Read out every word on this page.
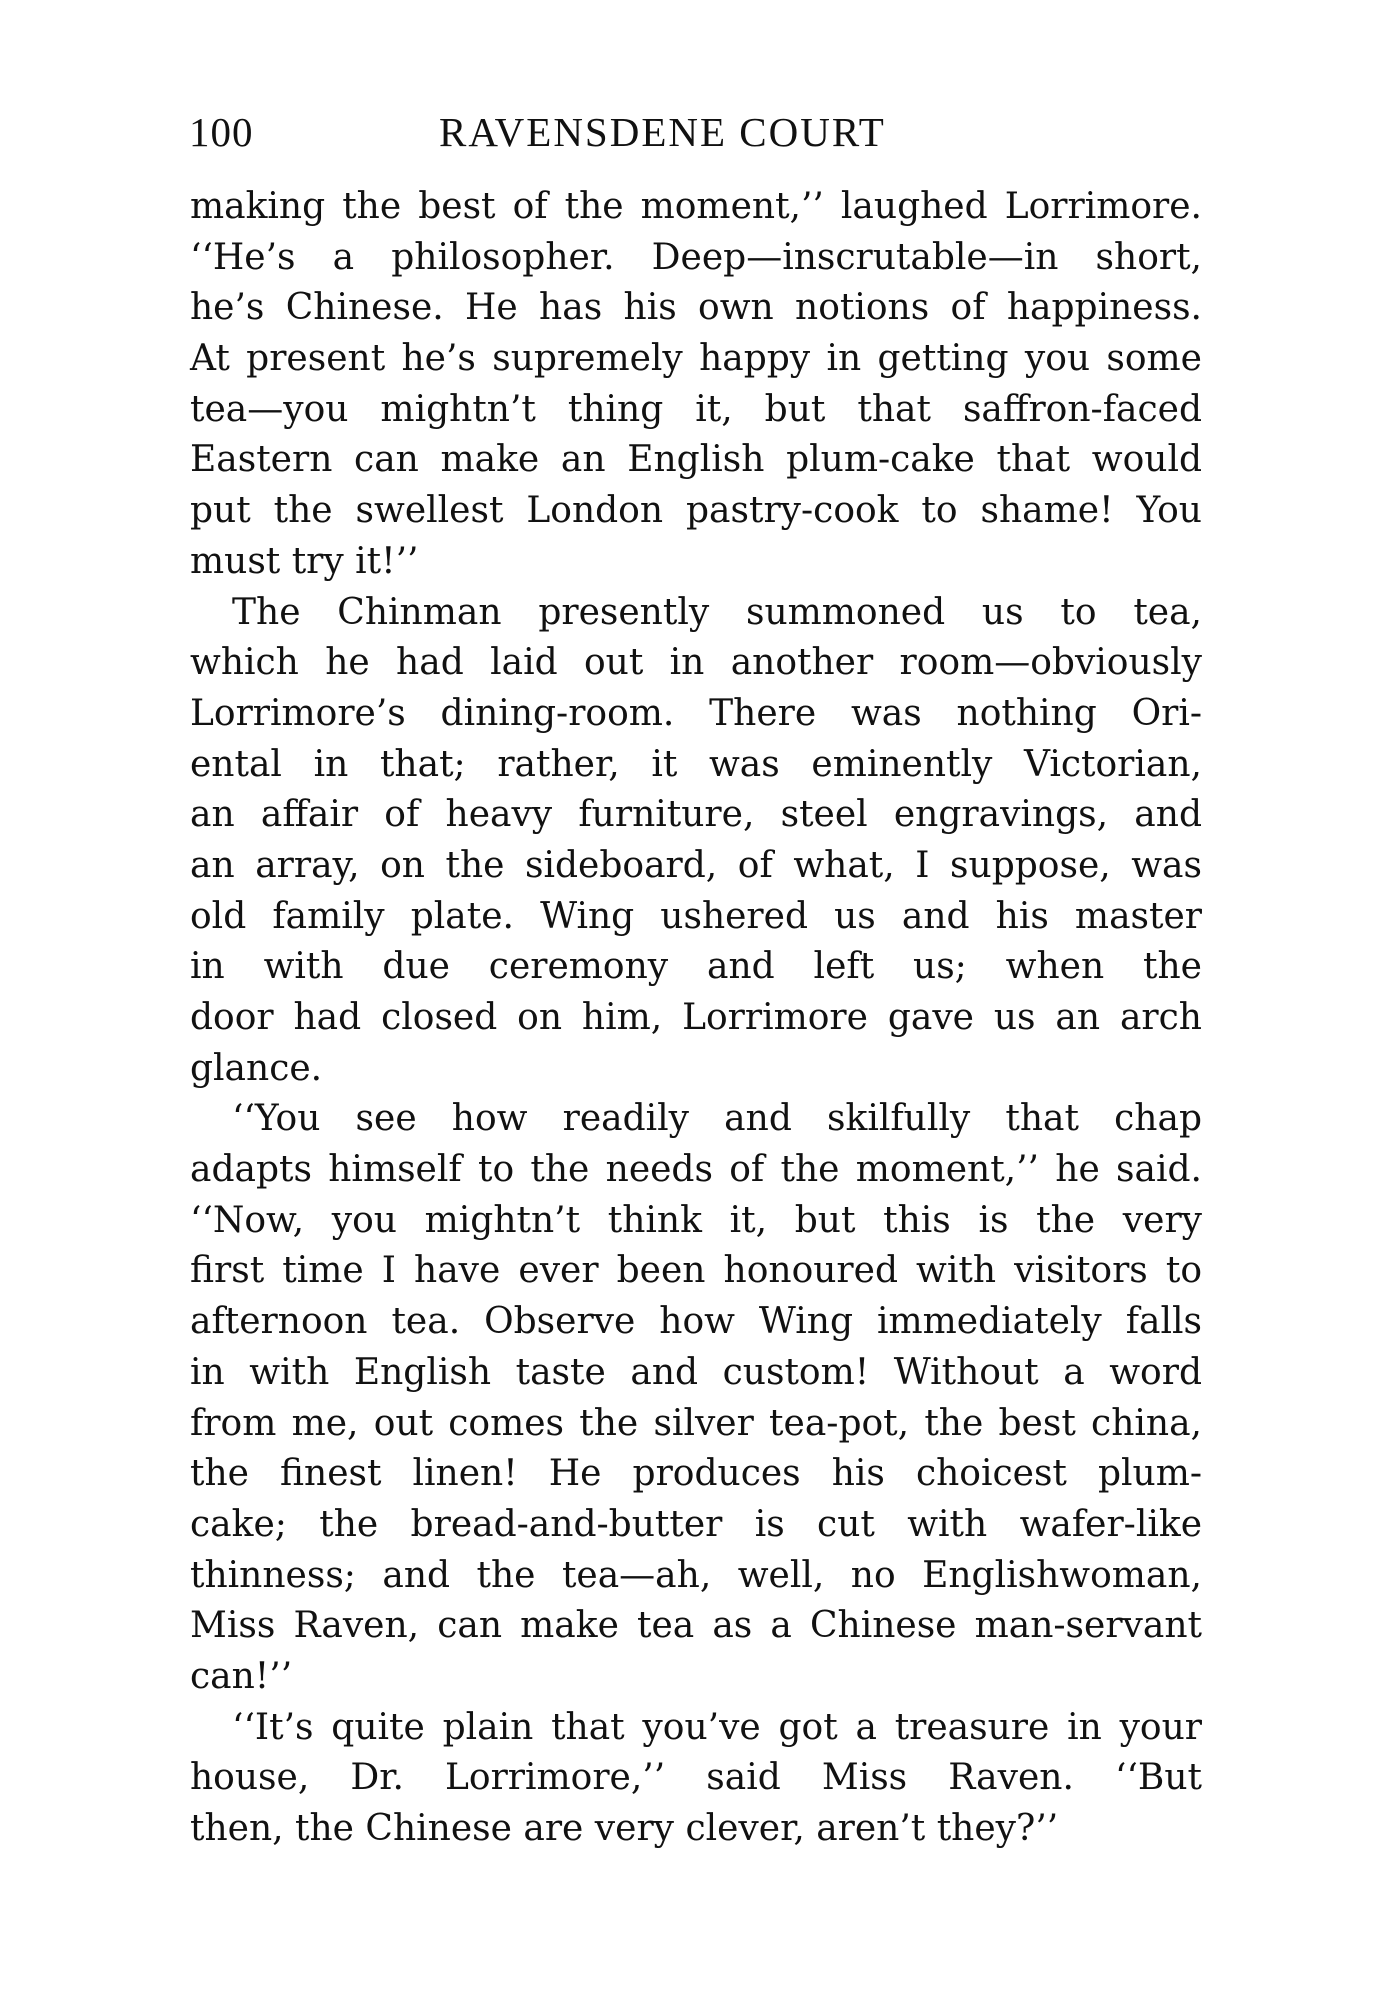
100	RAVENSDENE COURT
making the best of the moment,’’ laughed Lorrimore.
‘‘He’s a philosopher. Deep—inscrutable—in short,
he’s Chinese. He has his own notions of happiness.
At present he’s supremely happy in getting you some
tea—you mightn’t thing it, but that saffron-faced
Eastern can make an English plum-cake that would
put the swellest London pastry-cook to shame! You
must try it!’’
The Chinman presently summoned us to tea,
which he had laid out in another room—obviously
Lorrimore’s dining-room. There was nothing Ori-
ental in that; rather, it was eminently Victorian,
an affair of heavy furniture, steel engravings, and
an array, on the sideboard, of what, I suppose, was
old family plate. Wing ushered us and his master
in with due ceremony and left us; when the
door had closed on him, Lorrimore gave us an arch
glance.
‘‘You see how readily and skilfully that chap
adapts himself to the needs of the moment,’’ he said.
‘‘Now, you mightn’t think it, but this is the very
first time I have ever been honoured with visitors to
afternoon tea. Observe how Wing immediately falls
in with English taste and custom! Without a word
from me, out comes the silver tea-pot, the best china,
the finest linen! He produces his choicest plum-
cake; the bread-and-butter is cut with wafer-like
thinness; and the tea—ah, well, no Englishwoman,
Miss Raven, can make tea as a Chinese man-servant
can!’’
‘‘It’s quite plain that you’ve got a treasure in your
house, Dr. Lorrimore,’’ said Miss Raven. ‘‘But
then, the Chinese are very clever, aren’t they?’’
